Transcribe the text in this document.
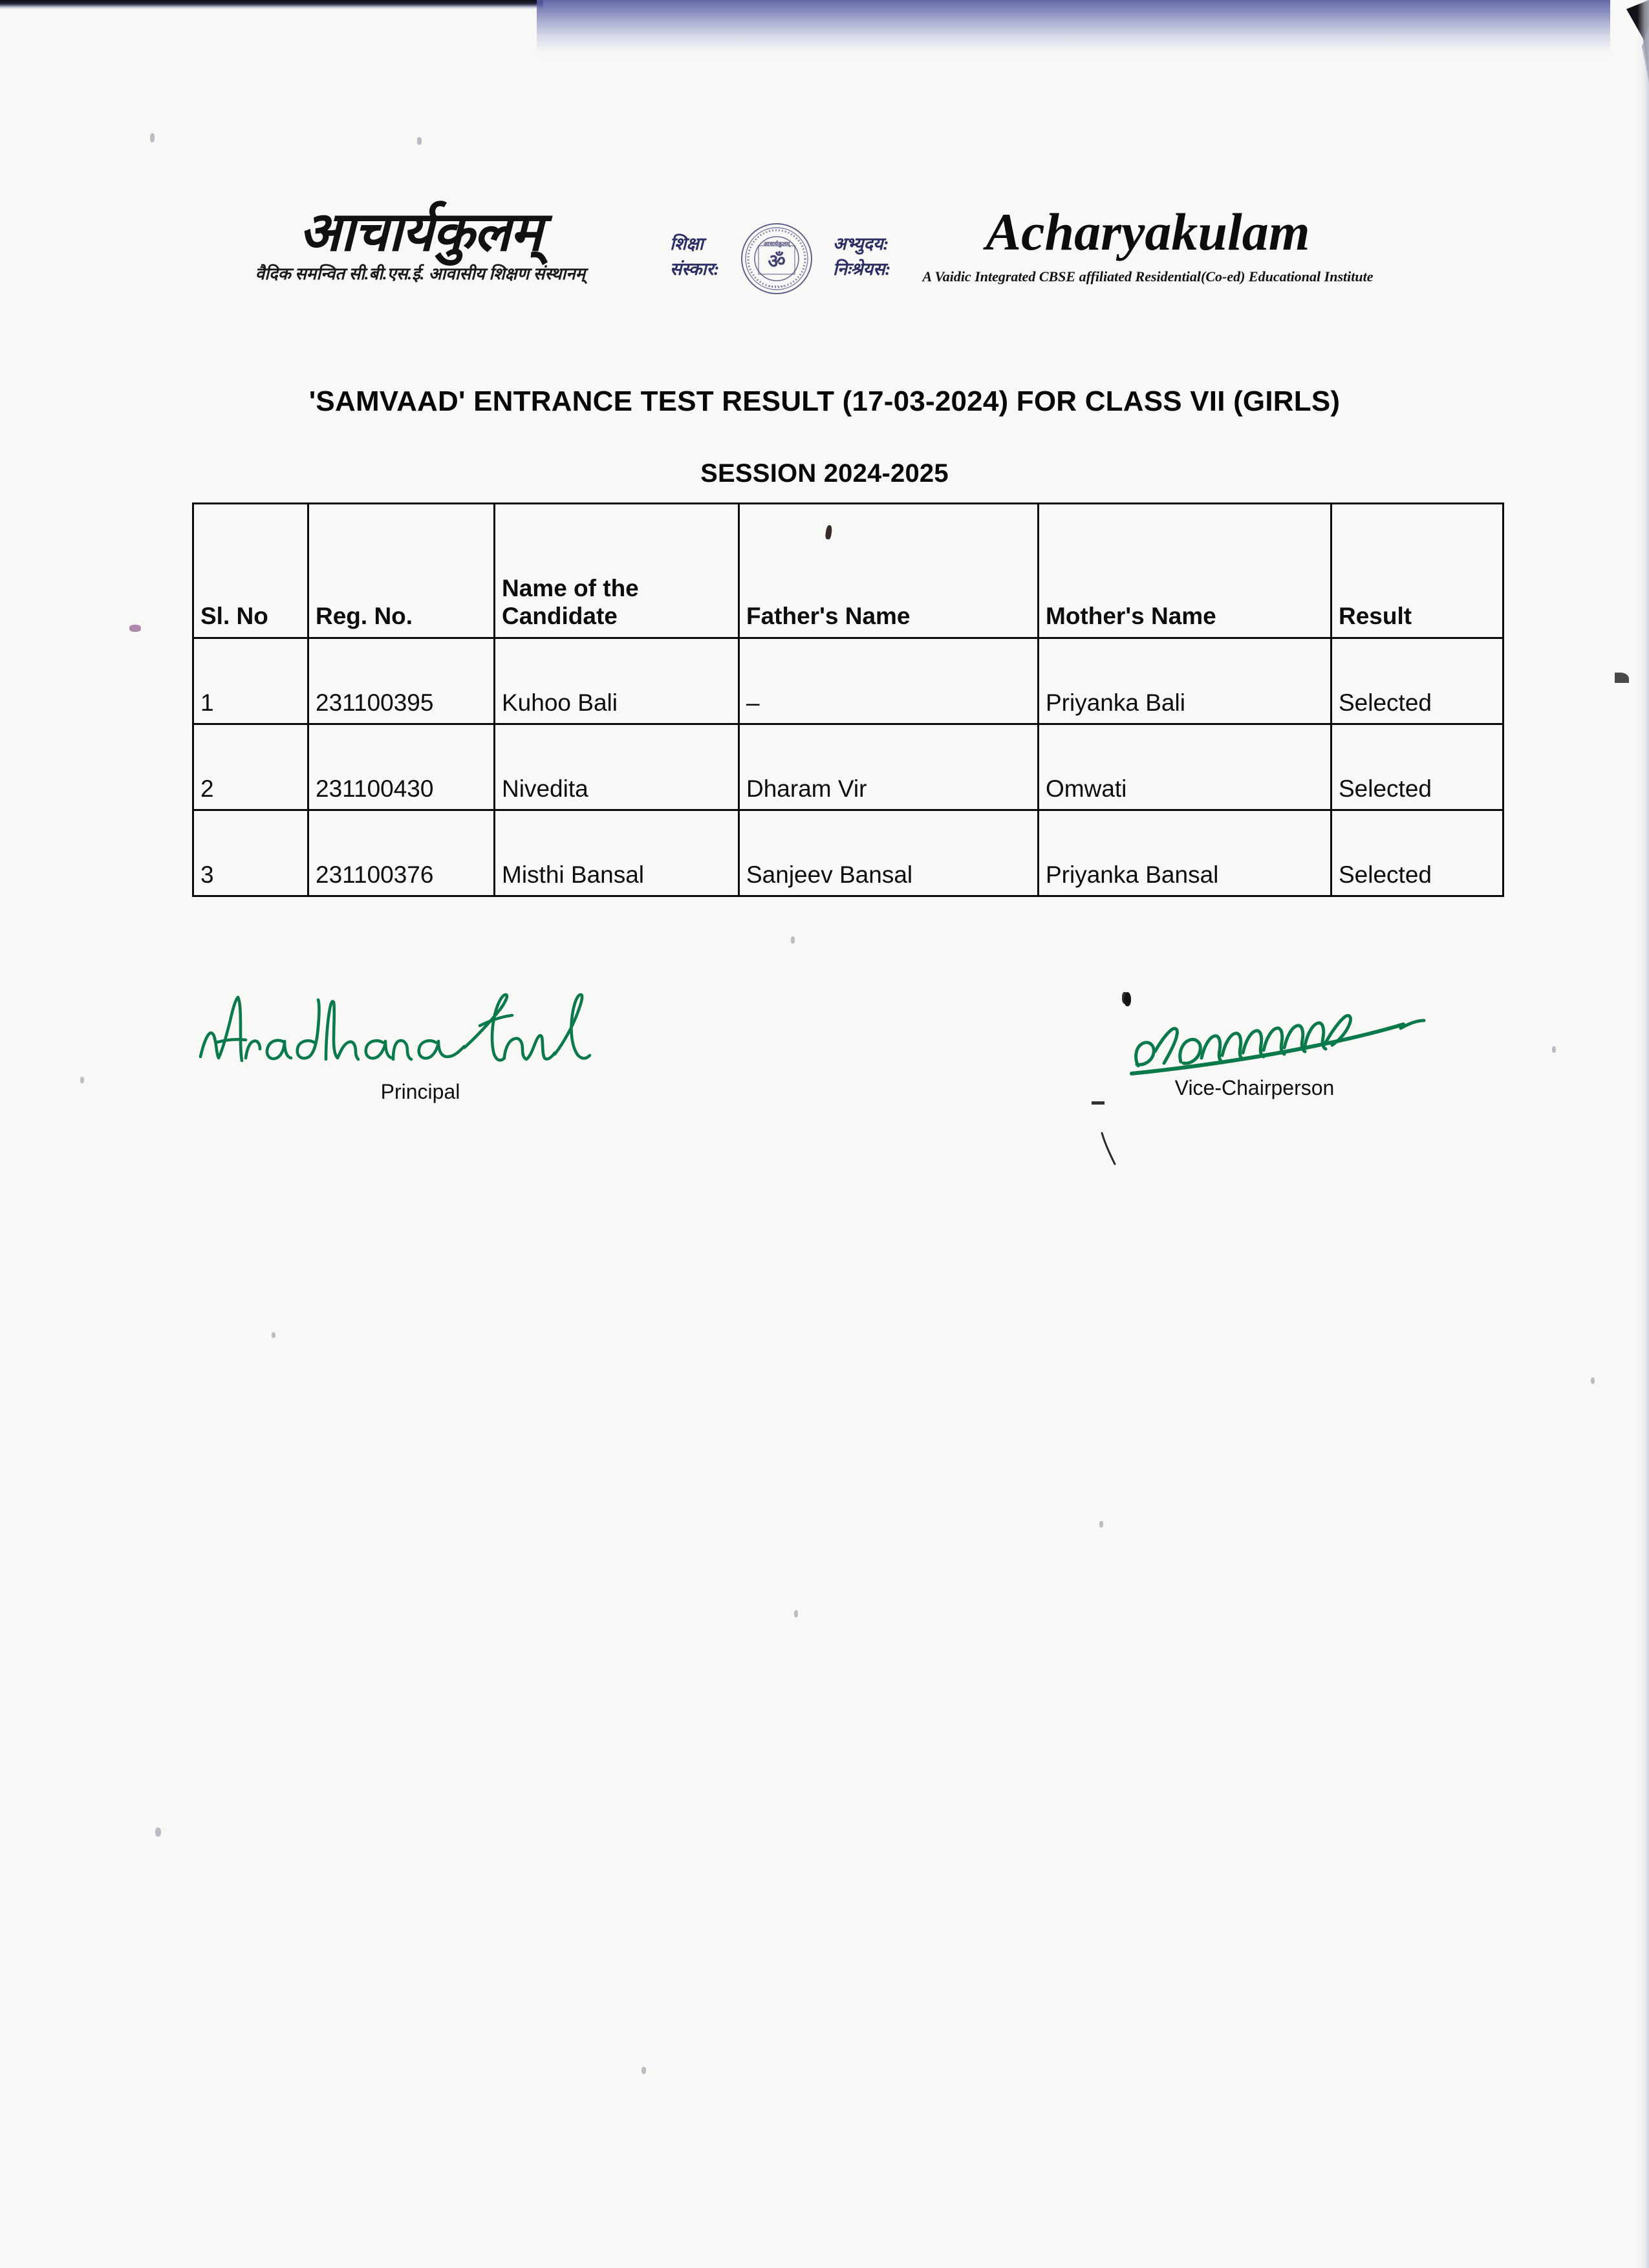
आचार्यकुलम्
वैदिक समन्वित सी.बी.एस.ई. आवासीय शिक्षण संस्थानम्
शिक्षा
संस्कार:
आचार्यकुलम्
ॐ
• • • • • •
अभ्युदय:
निःश्रेयस:
Acharyakulam
A Vaidic Integrated CBSE affiliated Residential(Co-ed) Educational Institute
'SAMVAAD' ENTRANCE TEST RESULT (17-03-2024) FOR CLASS VII (GIRLS)
SESSION 2024-2025
Sl. No	Reg. No.	Name of the Candidate	Father's Name	Mother's Name	Result
1	231100395	Kuhoo Bali	–	Priyanka Bali	Selected
2	231100430	Nivedita	Dharam Vir	Omwati	Selected
3	231100376	Misthi Bansal	Sanjeev Bansal	Priyanka Bansal	Selected
Principal	Vice-Chairperson
